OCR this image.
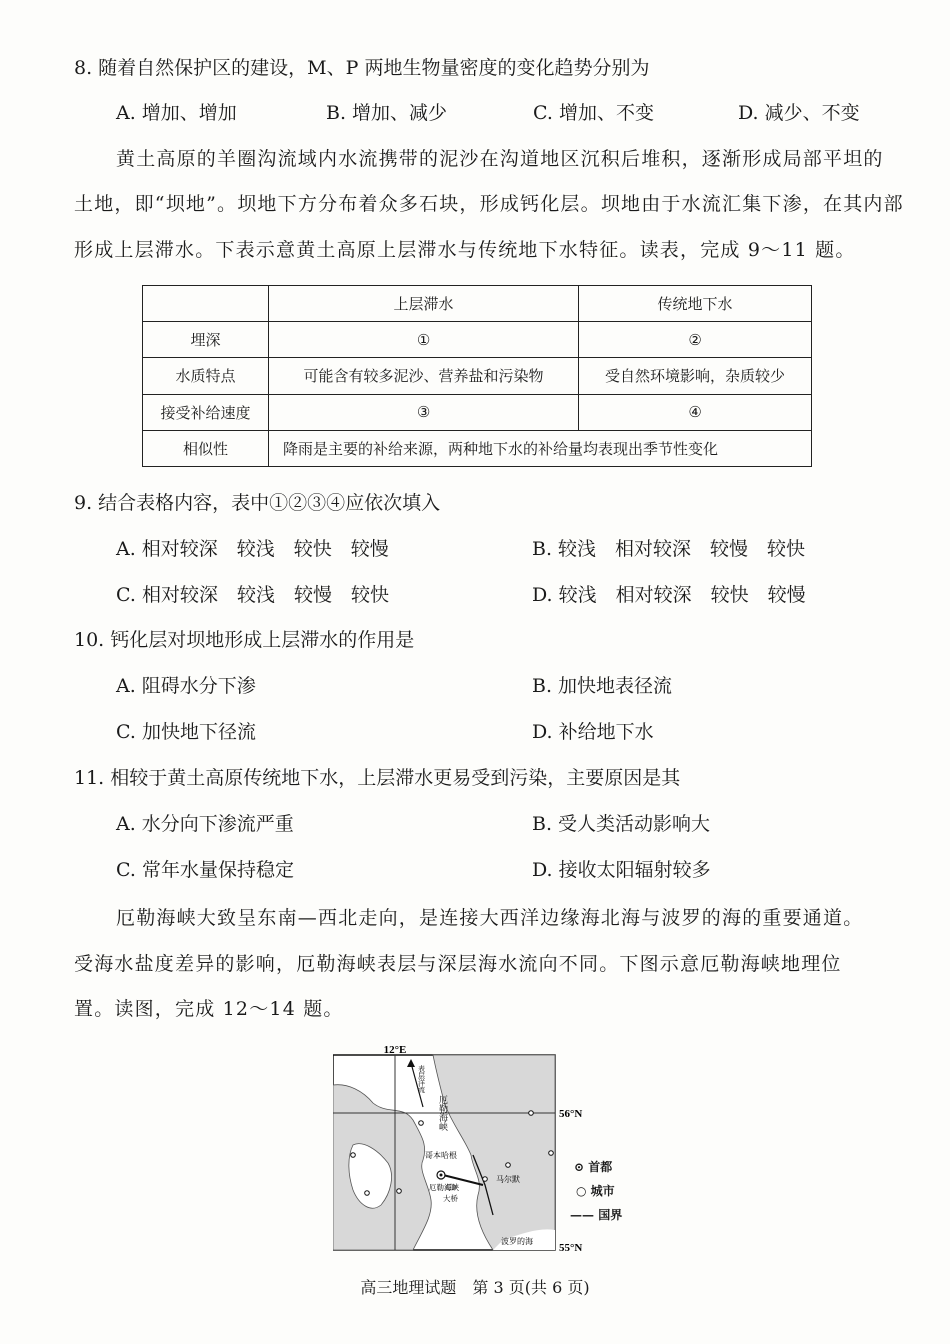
8. 随着自然保护区的建设，M、P 两地生物量密度的变化趋势分别为
A. 增加、增加	B. 增加、减少	C. 增加、不变	D. 减少、不变
黄土高原的羊圈沟流域内水流携带的泥沙在沟道地区沉积后堆积，逐渐形成局部平坦的
土地，即“坝地”。坝地下方分布着众多石块，形成钙化层。坝地由于水流汇集下渗，在其内部
形成上层滞水。下表示意黄土高原上层滞水与传统地下水特征。读表，完成 9～11 题。
	上层滞水	传统地下水
埋深	①	②
水质特点	可能含有较多泥沙、营养盐和污染物	受自然环境影响，杂质较少
接受补给速度	③	④
相似性	降雨是主要的补给来源，两种地下水的补给量均表现出季节性变化	
9. 结合表格内容，表中①②③④应依次填入
A. 相对较深　较浅　较快　较慢	B. 较浅　相对较深　较慢　较快
C. 相对较深　较浅　较慢　较快	D. 较浅　相对较深　较快　较慢
10. 钙化层对坝地形成上层滞水的作用是
A. 阻碍水分下渗	B. 加快地表径流
C. 加快地下径流	D. 补给地下水
11. 相较于黄土高原传统地下水，上层滞水更易受到污染，主要原因是其
A. 水分向下渗流严重	B. 受人类活动影响大
C. 常年水量保持稳定	D. 接收太阳辐射较多
厄勒海峡大致呈东南—西北走向，是连接大西洋边缘海北海与波罗的海的重要通道。
受海水盐度差异的影响，厄勒海峡表层与深层海水流向不同。下图示意厄勒海峡地理位
置。读图，完成 12～14 题。
12°E
56°N
55°N
厄勒海峡
表层洋流
哥本哈根
马尔默
厄勒海峡
大桥
波罗的海
⊙ 首都
○ 城市
—— 国界
高三地理试题　第 3 页(共 6 页)
